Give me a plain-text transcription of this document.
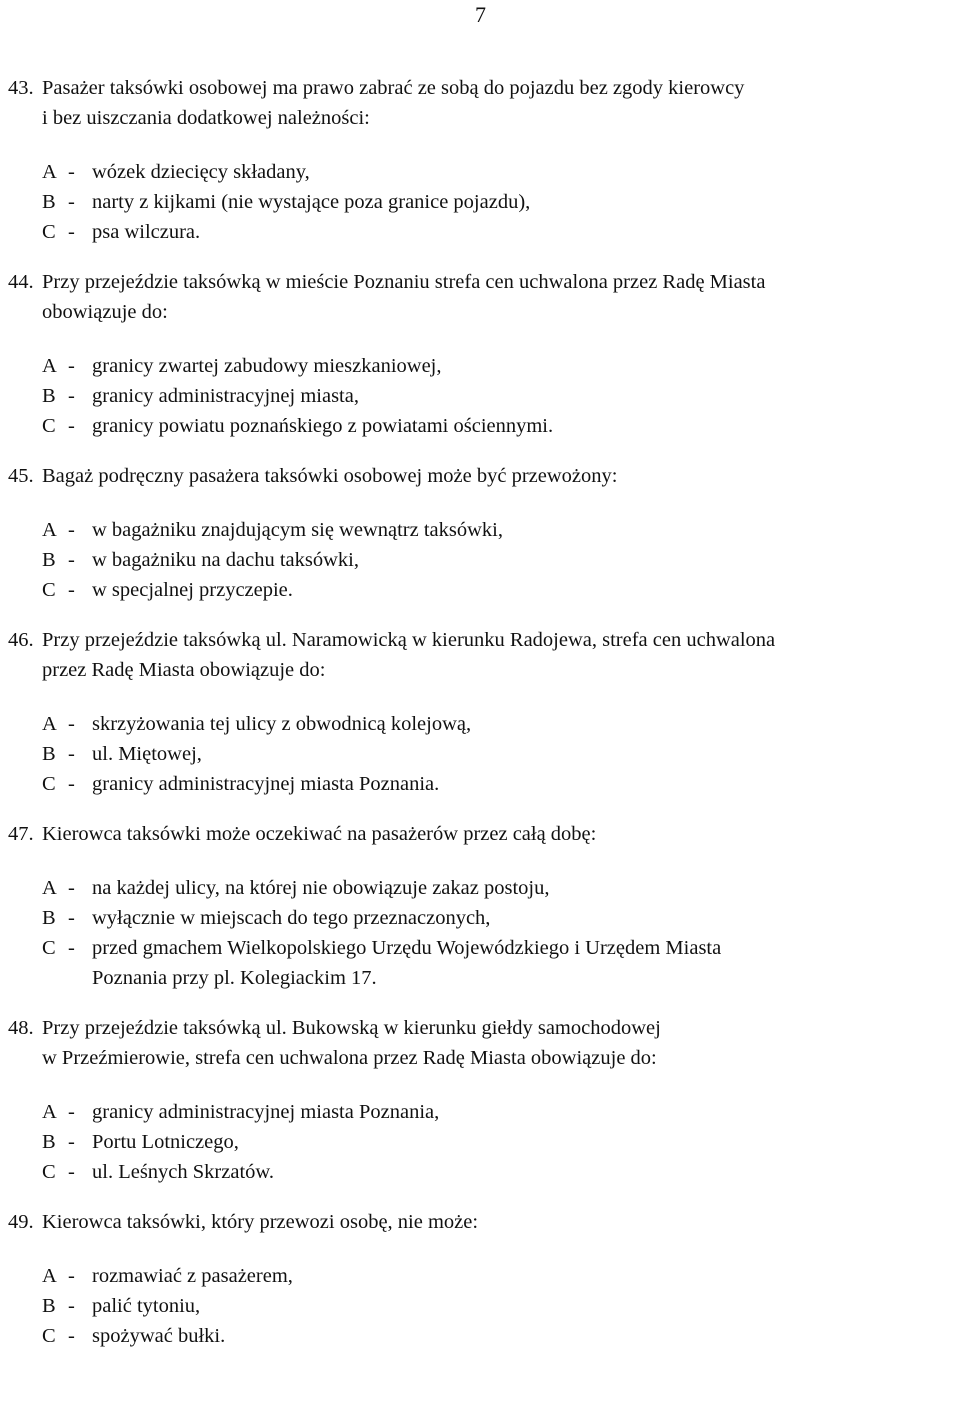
7
43. Pasażer taksówki osobowej ma prawo zabrać ze sobą do pojazdu bez zgody kierowcy
i bez uiszczania dodatkowej należności:
A - wózek dziecięcy składany,
B - narty z kijkami (nie wystające poza granice pojazdu),
C - psa wilczura.
44. Przy przejeździe taksówką w mieście Poznaniu strefa cen uchwalona przez Radę Miasta
obowiązuje do:
A - granicy zwartej zabudowy mieszkaniowej,
B - granicy administracyjnej miasta,
C - granicy powiatu poznańskiego z powiatami ościennymi.
45. Bagaż podręczny pasażera taksówki osobowej może być przewożony:
A - w bagażniku znajdującym się wewnątrz taksówki,
B - w bagażniku na dachu taksówki,
C - w specjalnej przyczepie.
46. Przy przejeździe taksówką ul. Naramowicką w kierunku Radojewa, strefa cen uchwalona
przez Radę Miasta obowiązuje do:
A - skrzyżowania tej ulicy z obwodnicą kolejową,
B - ul. Miętowej,
C - granicy administracyjnej miasta Poznania.
47. Kierowca taksówki może oczekiwać na pasażerów przez całą dobę:
A - na każdej ulicy, na której nie obowiązuje zakaz postoju,
B - wyłącznie w miejscach do tego przeznaczonych,
C - przed gmachem Wielkopolskiego Urzędu Wojewódzkiego i Urzędem Miasta
Poznania przy pl. Kolegiackim 17.
48. Przy przejeździe taksówką ul. Bukowską w kierunku giełdy samochodowej
w Przeźmierowie, strefa cen uchwalona przez Radę Miasta obowiązuje do:
A - granicy administracyjnej miasta Poznania,
B - Portu Lotniczego,
C - ul. Leśnych Skrzatów.
49. Kierowca taksówki, który przewozi osobę, nie może:
A - rozmawiać z pasażerem,
B - palić tytoniu,
C - spożywać bułki.
